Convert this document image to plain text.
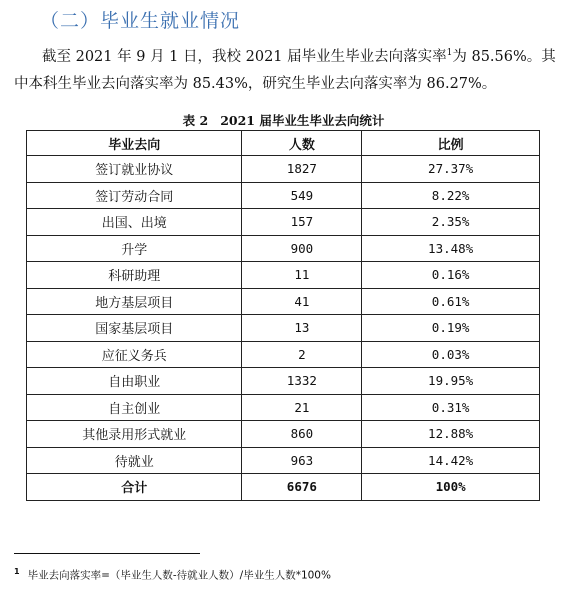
（二）毕业生就业情况

截至 2021 年 9 月 1 日，我校 2021 届毕业生毕业去向落实率$^1$为 85.56%。其中本科生毕业去向落实率为 85.43%，研究生毕业去向落实率为 86.27%。

表 2 2021 届毕业生毕业去向统计
毕业去向	人数	比例
签订就业协议	1827	27.37%
签订劳动合同	549	8.22%
出国、出境	157	2.35%
升学	900	13.48%
科研助理	11	0.16%
地方基层项目	41	0.61%
国家基层项目	13	0.19%
应征义务兵	2	0.03%
自由职业	1332	19.95%
自主创业	21	0.31%
其他录用形式就业	860	12.88%
待就业	963	14.42%
合计	6676	100%
$^1$ 毕业去向落实率=（毕业生人数-待就业人数）/毕业生人数*100%
